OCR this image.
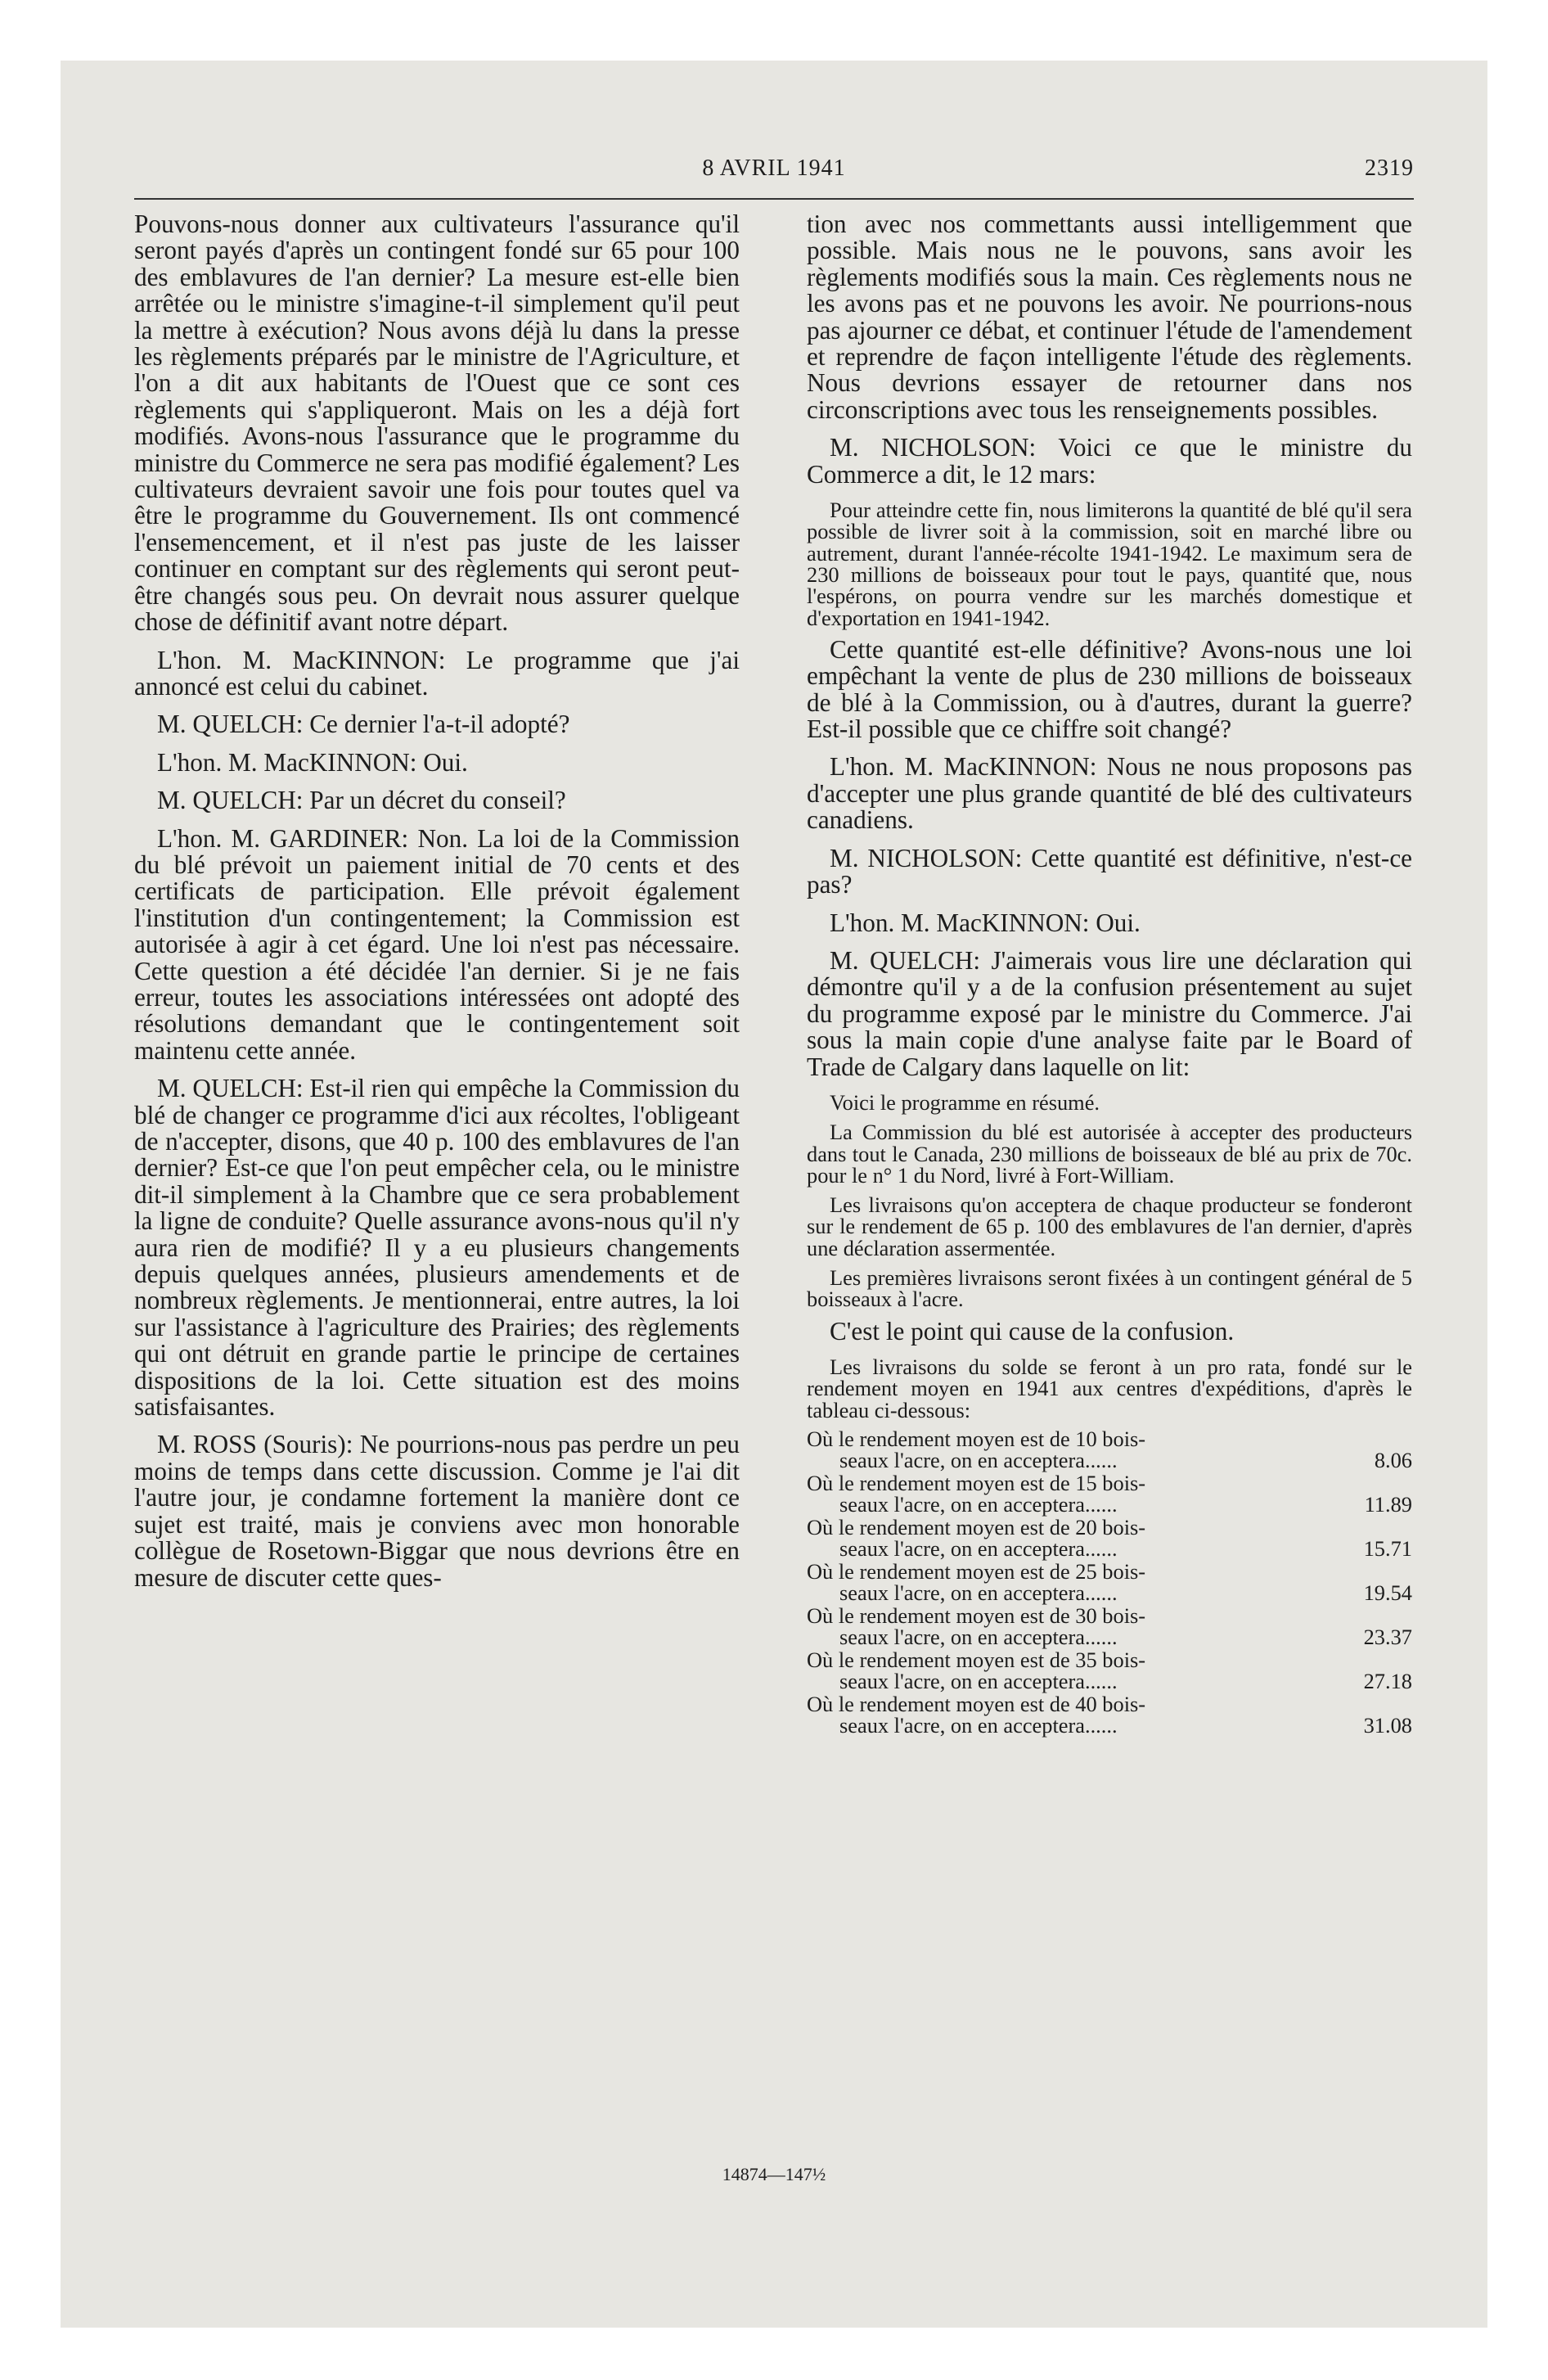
8 AVRIL 1941	2319

Pouvons-nous donner aux cultivateurs l'assurance qu'il seront payés d'après un contingent fondé sur 65 pour 100 des emblavures de l'an dernier? La mesure est-elle bien arrêtée ou le ministre s'imagine-t-il simplement qu'il peut la mettre à exécution? Nous avons déjà lu dans la presse les règlements préparés par le ministre de l'Agriculture, et l'on a dit aux habitants de l'Ouest que ce sont ces règlements qui s'appliqueront. Mais on les a déjà fort modifiés. Avons-nous l'assurance que le programme du ministre du Commerce ne sera pas modifié également? Les cultivateurs devraient savoir une fois pour toutes quel va être le programme du Gouvernement. Ils ont commencé l'ensemencement, et il n'est pas juste de les laisser continuer en comptant sur des règlements qui seront peut-être changés sous peu. On devrait nous assurer quelque chose de définitif avant notre départ.

L'hon. M. MacKINNON: Le programme que j'ai annoncé est celui du cabinet.

M. QUELCH: Ce dernier l'a-t-il adopté?

L'hon. M. MacKINNON: Oui.

M. QUELCH: Par un décret du conseil?

L'hon. M. GARDINER: Non. La loi de la Commission du blé prévoit un paiement initial de 70 cents et des certificats de participation. Elle prévoit également l'institution d'un contingentement; la Commission est autorisée à agir à cet égard. Une loi n'est pas nécessaire. Cette question a été décidée l'an dernier. Si je ne fais erreur, toutes les associations intéressées ont adopté des résolutions demandant que le contingentement soit maintenu cette année.

M. QUELCH: Est-il rien qui empêche la Commission du blé de changer ce programme d'ici aux récoltes, l'obligeant de n'accepter, disons, que 40 p. 100 des emblavures de l'an dernier? Est-ce que l'on peut empêcher cela, ou le ministre dit-il simplement à la Chambre que ce sera probablement la ligne de conduite? Quelle assurance avons-nous qu'il n'y aura rien de modifié? Il y a eu plusieurs changements depuis quelques années, plusieurs amendements et de nombreux règlements. Je mentionnerai, entre autres, la loi sur l'assistance à l'agriculture des Prairies; des règlements qui ont détruit en grande partie le principe de certaines dispositions de la loi. Cette situation est des moins satisfaisantes.

M. ROSS (Souris): Ne pourrions-nous pas perdre un peu moins de temps dans cette discussion. Comme je l'ai dit l'autre jour, je condamne fortement la manière dont ce sujet est traité, mais je conviens avec mon honorable collègue de Rosetown-Biggar que nous devrions être en mesure de discuter cette ques-

tion avec nos commettants aussi intelligemment que possible. Mais nous ne le pouvons, sans avoir les règlements modifiés sous la main. Ces règlements nous ne les avons pas et ne pouvons les avoir. Ne pourrions-nous pas ajourner ce débat, et continuer l'étude de l'amendement et reprendre de façon intelligente l'étude des règlements. Nous devrions essayer de retourner dans nos circonscriptions avec tous les renseignements possibles.

M. NICHOLSON: Voici ce que le ministre du Commerce a dit, le 12 mars:

Pour atteindre cette fin, nous limiterons la quantité de blé qu'il sera possible de livrer soit à la commission, soit en marché libre ou autrement, durant l'année-récolte 1941-1942. Le maximum sera de 230 millions de boisseaux pour tout le pays, quantité que, nous l'espérons, on pourra vendre sur les marchés domestique et d'exportation en 1941-1942.

Cette quantité est-elle définitive? Avons-nous une loi empêchant la vente de plus de 230 millions de boisseaux de blé à la Commission, ou à d'autres, durant la guerre? Est-il possible que ce chiffre soit changé?

L'hon. M. MacKINNON: Nous ne nous proposons pas d'accepter une plus grande quantité de blé des cultivateurs canadiens.

M. NICHOLSON: Cette quantité est définitive, n'est-ce pas?

L'hon. M. MacKINNON: Oui.

M. QUELCH: J'aimerais vous lire une déclaration qui démontre qu'il y a de la confusion présentement au sujet du programme exposé par le ministre du Commerce. J'ai sous la main copie d'une analyse faite par le Board of Trade de Calgary dans laquelle on lit:

Voici le programme en résumé.

La Commission du blé est autorisée à accepter des producteurs dans tout le Canada, 230 millions de boisseaux de blé au prix de 70c. pour le n° 1 du Nord, livré à Fort-William.

Les livraisons qu'on acceptera de chaque producteur se fonderont sur le rendement de 65 p. 100 des emblavures de l'an dernier, d'après une déclaration assermentée.

Les premières livraisons seront fixées à un contingent général de 5 boisseaux à l'acre.

C'est le point qui cause de la confusion.

Les livraisons du solde se feront à un pro rata, fondé sur le rendement moyen en 1941 aux centres d'expéditions, d'après le tableau ci-dessous:

Où le rendement moyen est de 10 bois-
seaux l'acre, on en acceptera......	8.06
Où le rendement moyen est de 15 bois-
seaux l'acre, on en acceptera......	11.89
Où le rendement moyen est de 20 bois-
seaux l'acre, on en acceptera......	15.71
Où le rendement moyen est de 25 bois-
seaux l'acre, on en acceptera......	19.54
Où le rendement moyen est de 30 bois-
seaux l'acre, on en acceptera......	23.37
Où le rendement moyen est de 35 bois-
seaux l'acre, on en acceptera......	27.18
Où le rendement moyen est de 40 bois-
seaux l'acre, on en acceptera......	31.08
14874—147½
